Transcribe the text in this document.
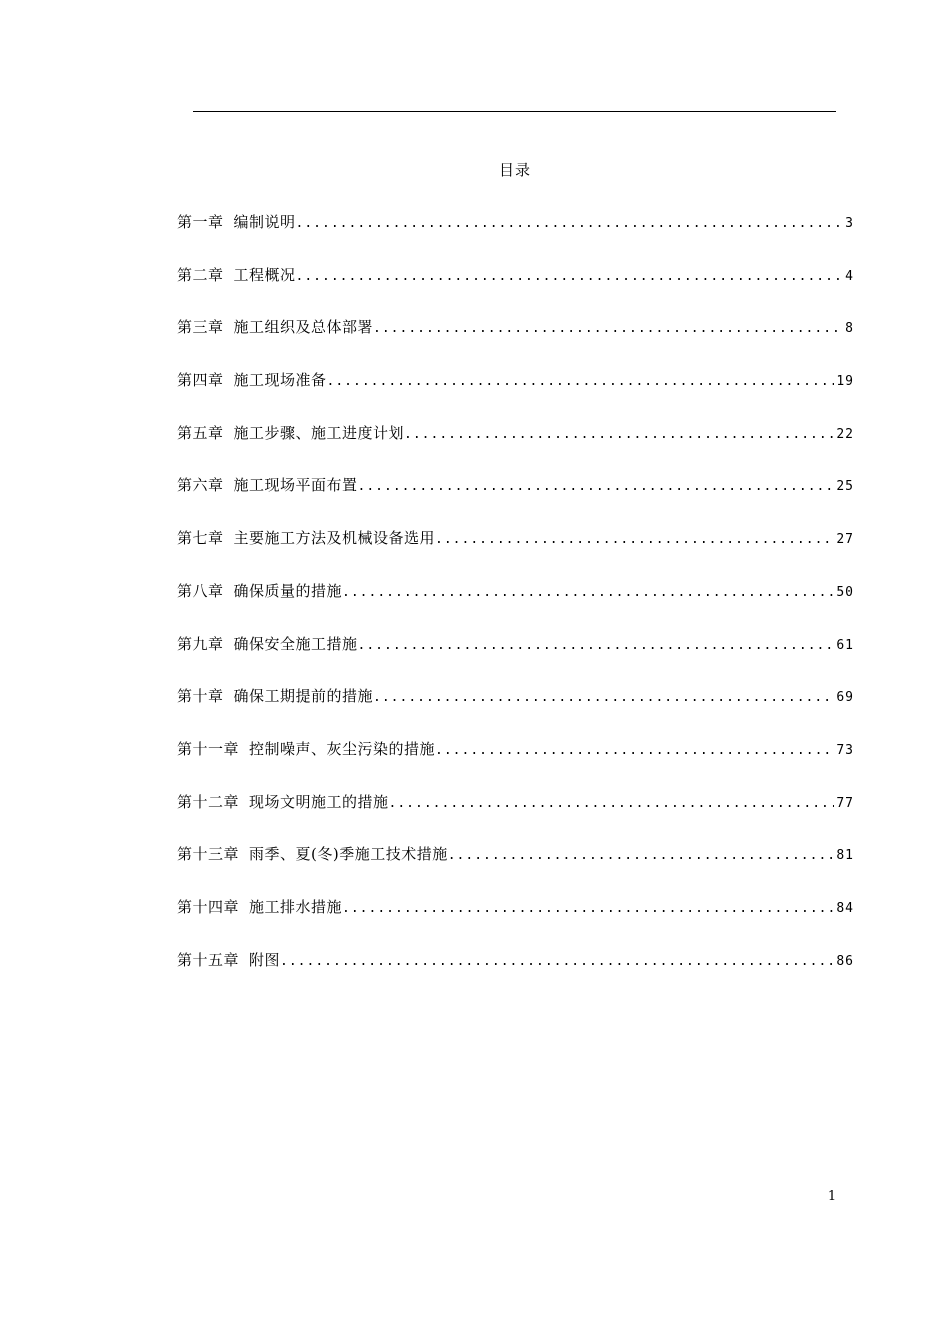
目录
第一章 编制说明 .....	3
第二章 工程概况 .....	4
第三章 施工组织及总体部署 .....	8
第四章 施工现场准备 .....	19
第五章 施工步骤、施工进度计划 .....	22
第六章 施工现场平面布置 .....	25
第七章 主要施工方法及机械设备选用 .....	27
第八章 确保质量的措施 .....	50
第九章 确保安全施工措施 .....	61
第十章 确保工期提前的措施 .....	69
第十一章 控制噪声、灰尘污染的措施 .....	73
第十二章 现场文明施工的措施 .....	77
第十三章 雨季、夏(冬)季施工技术措施 .....	81
第十四章 施工排水措施 .....	84
第十五章 附图 .....	86
1
